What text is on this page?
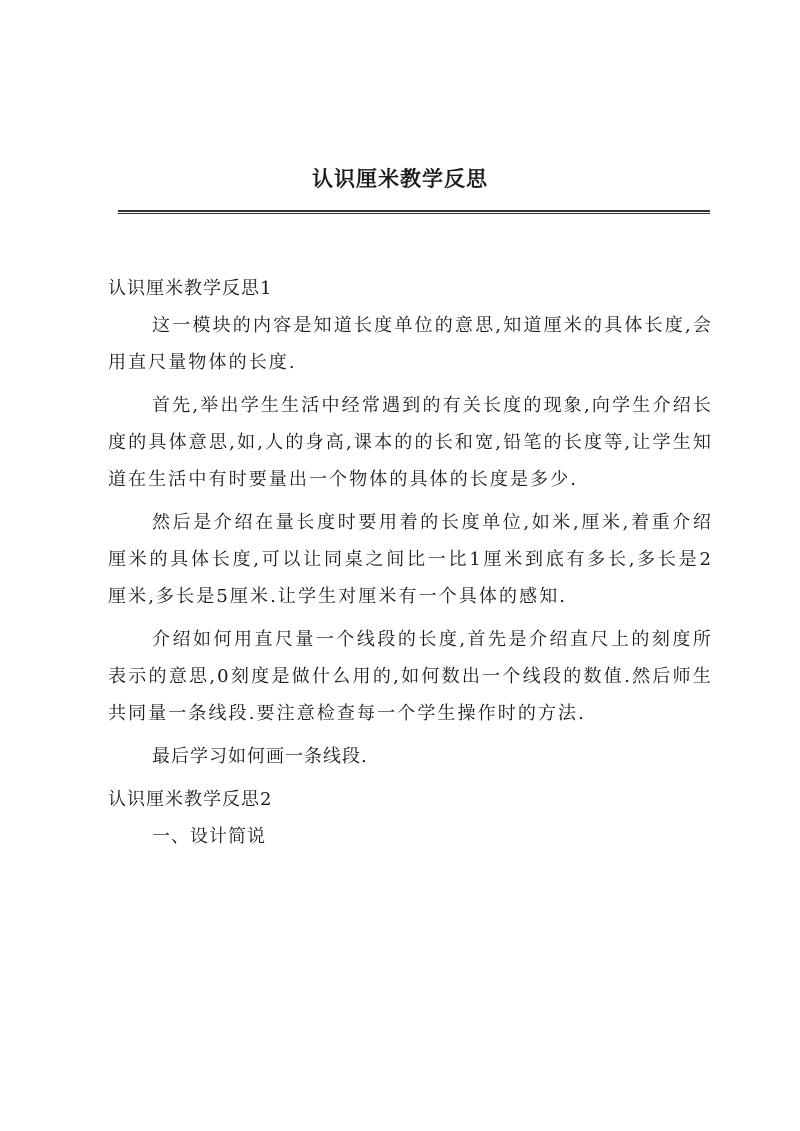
认识厘米教学反思

认识厘米教学反思1

这一模块的内容是知道长度单位的意思,知道厘米的具体长度,会用直尺量物体的长度.

首先,举出学生生活中经常遇到的有关长度的现象,向学生介绍长度的具体意思,如,人的身高,课本的的长和宽,铅笔的长度等,让学生知道在生活中有时要量出一个物体的具体的长度是多少.

然后是介绍在量长度时要用着的长度单位,如米,厘米,着重介绍厘米的具体长度,可以让同桌之间比一比1厘米到底有多长,多长是2厘米,多长是5厘米.让学生对厘米有一个具体的感知.

介绍如何用直尺量一个线段的长度,首先是介绍直尺上的刻度所表示的意思,0刻度是做什么用的,如何数出一个线段的数值.然后师生共同量一条线段.要注意检查每一个学生操作时的方法.

最后学习如何画一条线段.

认识厘米教学反思2

一、设计简说
